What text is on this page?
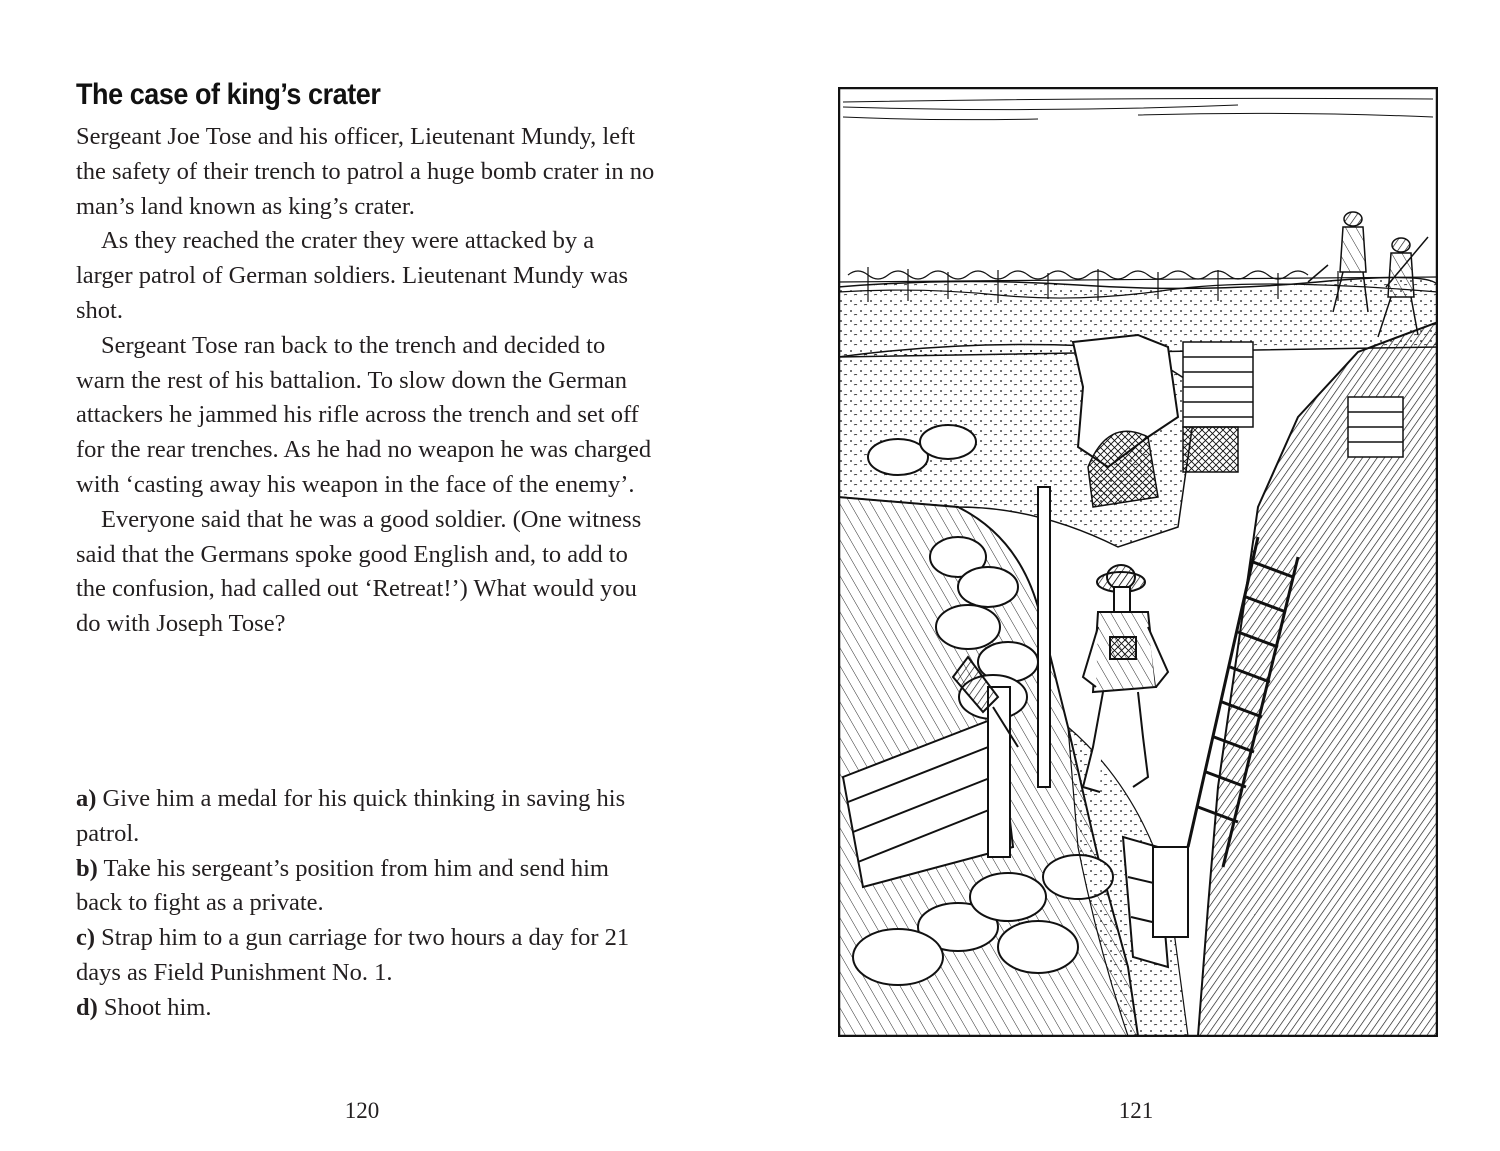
The case of king’s crater

Sergeant Joe Tose and his officer, Lieutenant Mundy, left the safety of their trench to patrol a huge bomb crater in no man’s land known as king’s crater.

As they reached the crater they were attacked by a larger patrol of German soldiers. Lieutenant Mundy was shot.

Sergeant Tose ran back to the trench and decided to warn the rest of his battalion. To slow down the German attackers he jammed his rifle across the trench and set off for the rear trenches. As he had no weapon he was charged with ‘casting away his weapon in the face of the enemy’.

Everyone said that he was a good soldier. (One witness said that the Germans spoke good English and, to add to the confusion, had called out ‘Retreat!’) What would you do with Joseph Tose?

a) Give him a medal for his quick thinking in saving his patrol.

b) Take his sergeant’s position from him and send him back to fight as a private.

c) Strap him to a gun carriage for two hours a day for 21 days as Field Punishment No. 1.

d) Shoot him.

120	121
